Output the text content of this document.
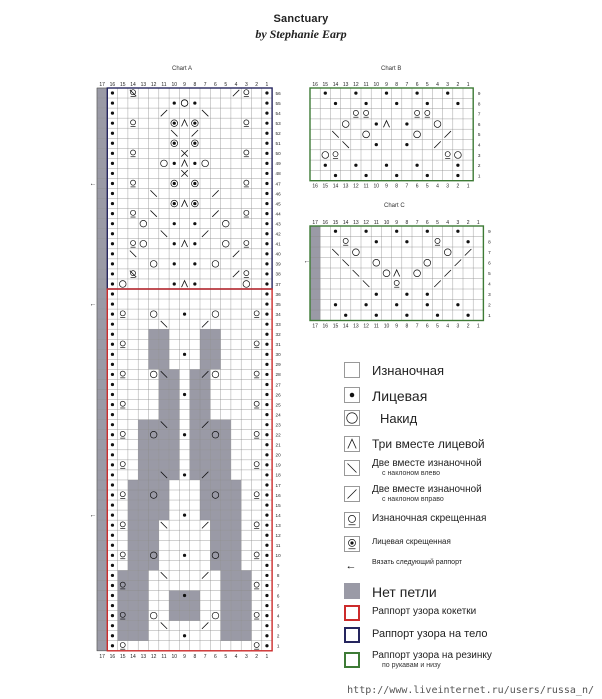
Sanctuary
by Stephanie Earp
Chart A	Chart B
Chart C
17
17
16
16
15
15
14
14
13
13
12
12
11
11
10
10
9
9
8
8
7
7
6
6
5
5
4
4
3
3
2
2
1
1
1
2
3
4
5
6
7
8
9
10
11
12
13
14
15
16
17
18
19
20
21
22
23
24
25
26
27
28
29
30
31
32
33
34
35
36
37
38
39
40
41
42
43
44
45
46
47
48
49
50
51
52
53
54
55
56
←
←
←
16
16
15
15
14
14
13
13
12
12
11
11
10
10
9
9
8
8
7
7
6
6
5
5
4
4
3
3
2
2
1
1
1
2
3
4
5
6
7
8
9
17
17
16
16
15
15
14
14
13
13
12
12
11
11
10
10
9
9
8
8
7
7
6
6
5
5
4
4
3
3
2
2
1
1
1
2
3
4
5
6
7
8
9
←
Изнаночная
Лицевая
Накид
Три вместе лицевой
Две вместе изнаночной
с наклоном влево
Две вместе изнаночной
с наклоном вправо
Изнаночная скрещенная
Лицевая скрещенная
← Вязать следующий раппорт
Нет петли
Раппорт узора кокетки
Раппорт узора на тело
Раппорт узора на резинку
по рукавам и низу
http://www.liveinternet.ru/users/russa_n/
